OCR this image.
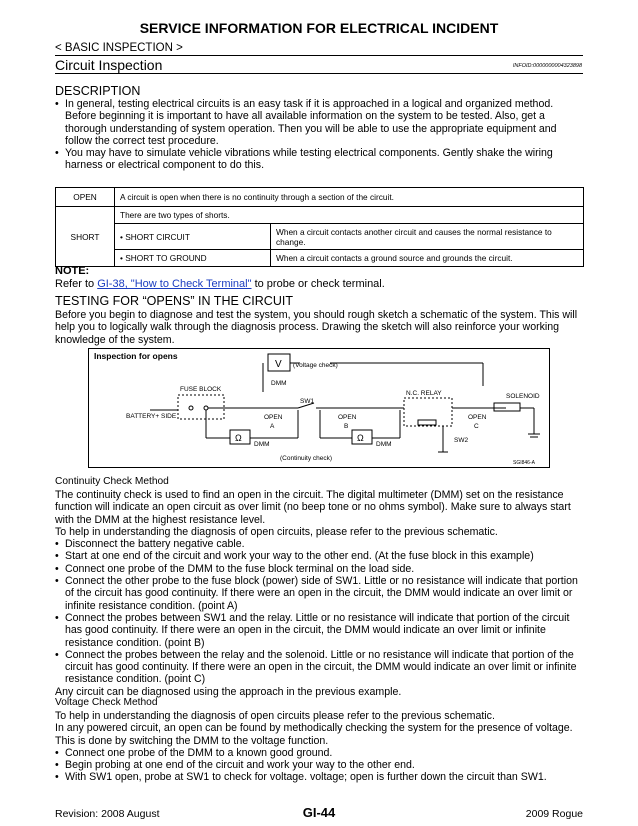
SERVICE INFORMATION FOR ELECTRICAL INCIDENT
< BASIC INSPECTION >
Circuit Inspection	INFOID:0000000004323898
DESCRIPTION
• In general, testing electrical circuits is an easy task if it is approached in a logical and organized method. Before beginning it is important to have all available information on the system to be tested. Also, get a thorough understanding of system operation. Then you will be able to use the appropriate equipment and follow the correct test procedure.
• You may have to simulate vehicle vibrations while testing electrical components. Gently shake the wiring harness or electrical component to do this.
OPEN	A circuit is open when there is no continuity through a section of the circuit.	
SHORT	There are two types of shorts.	
	• SHORT CIRCUIT	When a circuit contacts another circuit and causes the normal resistance to change.
	• SHORT TO GROUND	When a circuit contacts a ground source and grounds the circuit.
NOTE:
Refer to GI-38, "How to Check Terminal" to probe or check terminal.
TESTING FOR “OPENS” IN THE CIRCUIT
Before you begin to diagnose and test the system, you should rough sketch a schematic of the system. This will help you to logically walk through the diagnosis process. Drawing the sketch will also reinforce your working knowledge of the system.
Inspection for opens
V (Voltage check)
DMM
FUSE BLOCK
BATTERY+ SIDE
SW1
N.C. RELAY	SOLENOID
OPEN
A
OPEN
B
OPEN
C
Ω
DMM
Ω
DMM
SW2
(Continuity check)
SGI846-A
Continuity Check Method
The continuity check is used to find an open in the circuit. The digital multimeter (DMM) set on the resistance function will indicate an open circuit as over limit (no beep tone or no ohms symbol). Make sure to always start with the DMM at the highest resistance level.
To help in understanding the diagnosis of open circuits, please refer to the previous schematic.
• Disconnect the battery negative cable.
• Start at one end of the circuit and work your way to the other end. (At the fuse block in this example)
• Connect one probe of the DMM to the fuse block terminal on the load side.
• Connect the other probe to the fuse block (power) side of SW1. Little or no resistance will indicate that portion of the circuit has good continuity. If there were an open in the circuit, the DMM would indicate an over limit or infinite resistance condition. (point A)
• Connect the probes between SW1 and the relay. Little or no resistance will indicate that portion of the circuit has good continuity. If there were an open in the circuit, the DMM would indicate an over limit or infinite resistance condition. (point B)
• Connect the probes between the relay and the solenoid. Little or no resistance will indicate that portion of the circuit has good continuity. If there were an open in the circuit, the DMM would indicate an over limit or infinite resistance condition. (point C)
Any circuit can be diagnosed using the approach in the previous example.
Voltage Check Method
To help in understanding the diagnosis of open circuits please refer to the previous schematic.
In any powered circuit, an open can be found by methodically checking the system for the presence of voltage.
This is done by switching the DMM to the voltage function.
• Connect one probe of the DMM to a known good ground.
• Begin probing at one end of the circuit and work your way to the other end.
• With SW1 open, probe at SW1 to check for voltage. voltage; open is further down the circuit than SW1.
Revision: 2008 August	GI-44	2009 Rogue
